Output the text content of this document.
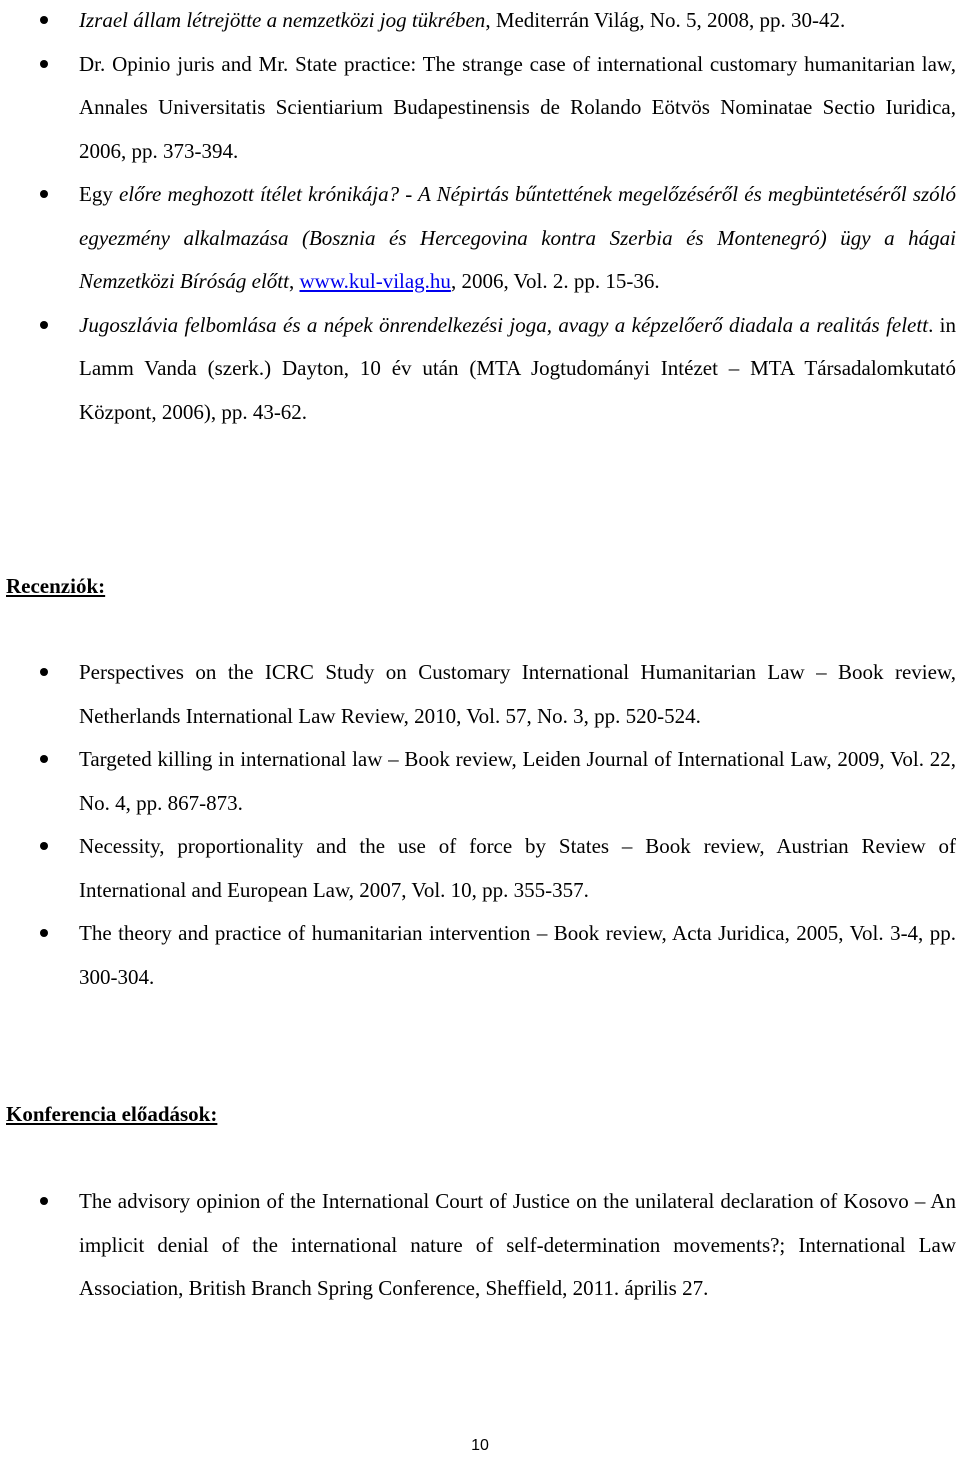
Izrael állam létrejötte a nemzetközi jog tükrében, Mediterrán Világ, No. 5, 2008, pp. 30-42.
Dr. Opinio juris and Mr. State practice: The strange case of international customary humanitarian law, Annales Universitatis Scientiarium Budapestinensis de Rolando Eötvös Nominatae Sectio Iuridica, 2006, pp. 373-394.
Egy előre meghozott ítélet krónikája? - A Népirtás bűntettének megelőzéséről és megbüntetéséről szóló egyezmény alkalmazása (Bosznia és Hercegovina kontra Szerbia és Montenegró) ügy a hágai Nemzetközi Bíróság előtt, www.kul-vilag.hu, 2006, Vol. 2. pp. 15-36.
Jugoszlávia felbomlása és a népek önrendelkezési joga, avagy a képzelőerő diadala a realitás felett. in Lamm Vanda (szerk.) Dayton, 10 év után (MTA Jogtudományi Intézet – MTA Társadalomkutató Központ, 2006), pp. 43-62.
Recenziók:
Perspectives on the ICRC Study on Customary International Humanitarian Law – Book review, Netherlands International Law Review, 2010, Vol. 57, No. 3, pp. 520-524.
Targeted killing in international law – Book review, Leiden Journal of International Law, 2009, Vol. 22, No. 4, pp. 867-873.
Necessity, proportionality and the use of force by States – Book review, Austrian Review of International and European Law, 2007, Vol. 10, pp. 355-357.
The theory and practice of humanitarian intervention – Book review, Acta Juridica, 2005, Vol. 3-4, pp. 300-304.
Konferencia előadások:
The advisory opinion of the International Court of Justice on the unilateral declaration of Kosovo – An implicit denial of the international nature of self-determination movements?; International Law Association, British Branch Spring Conference, Sheffield, 2011. április 27.
10
